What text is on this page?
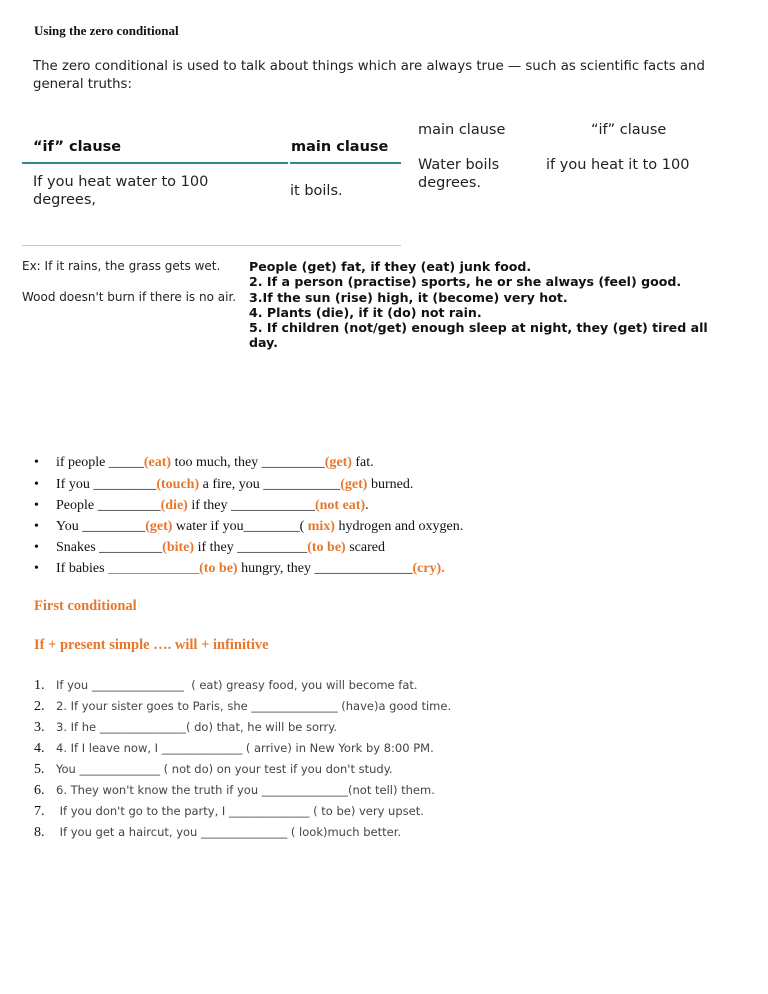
Using the zero conditional
The zero conditional is used to talk about things which are always true — such as scientific facts and general truths:
“if” clause	main clause
If you heat water to 100 degrees,
it boils.
main clause	“if” clause
Water boils degrees.
if you heat it to 100
Ex: If it rains, the grass gets wet.
Wood doesn't burn if there is no air.
People (get) fat, if they (eat) junk food.
2. If a person (practise) sports, he or she always (feel) good.
3.If the sun (rise) high, it (become) very hot.
4. Plants (die), if it (do) not rain.
5. If children (not/get) enough sleep at night, they (get) tired all day.
• if people _____(eat) too much, they _________(get) fat.
• If you _________(touch) a fire, you ___________(get) burned.
• People _________(die) if they ____________(not eat).
• You _________(get) water if you________( mix) hydrogen and oxygen.
• Snakes _________(bite) if they __________(to be) scared
• If babies _____________(to be) hungry, they ______________(cry).
First conditional
If + present simple …. will + infinitive
1. If you ________________  ( eat) greasy food, you will become fat.
2. 2. If your sister goes to Paris, she _______________ (have)a good time.
3. 3. If he _______________( do) that, he will be sorry.
4. 4. If I leave now, I ______________ ( arrive) in New York by 8:00 PM.
5. You ______________ ( not do) on your test if you don't study.
6. 6. They won't know the truth if you _______________(not tell) them.
7. If you don't go to the party, I ______________ ( to be) very upset.
8. If you get a haircut, you _______________ ( look)much better.
